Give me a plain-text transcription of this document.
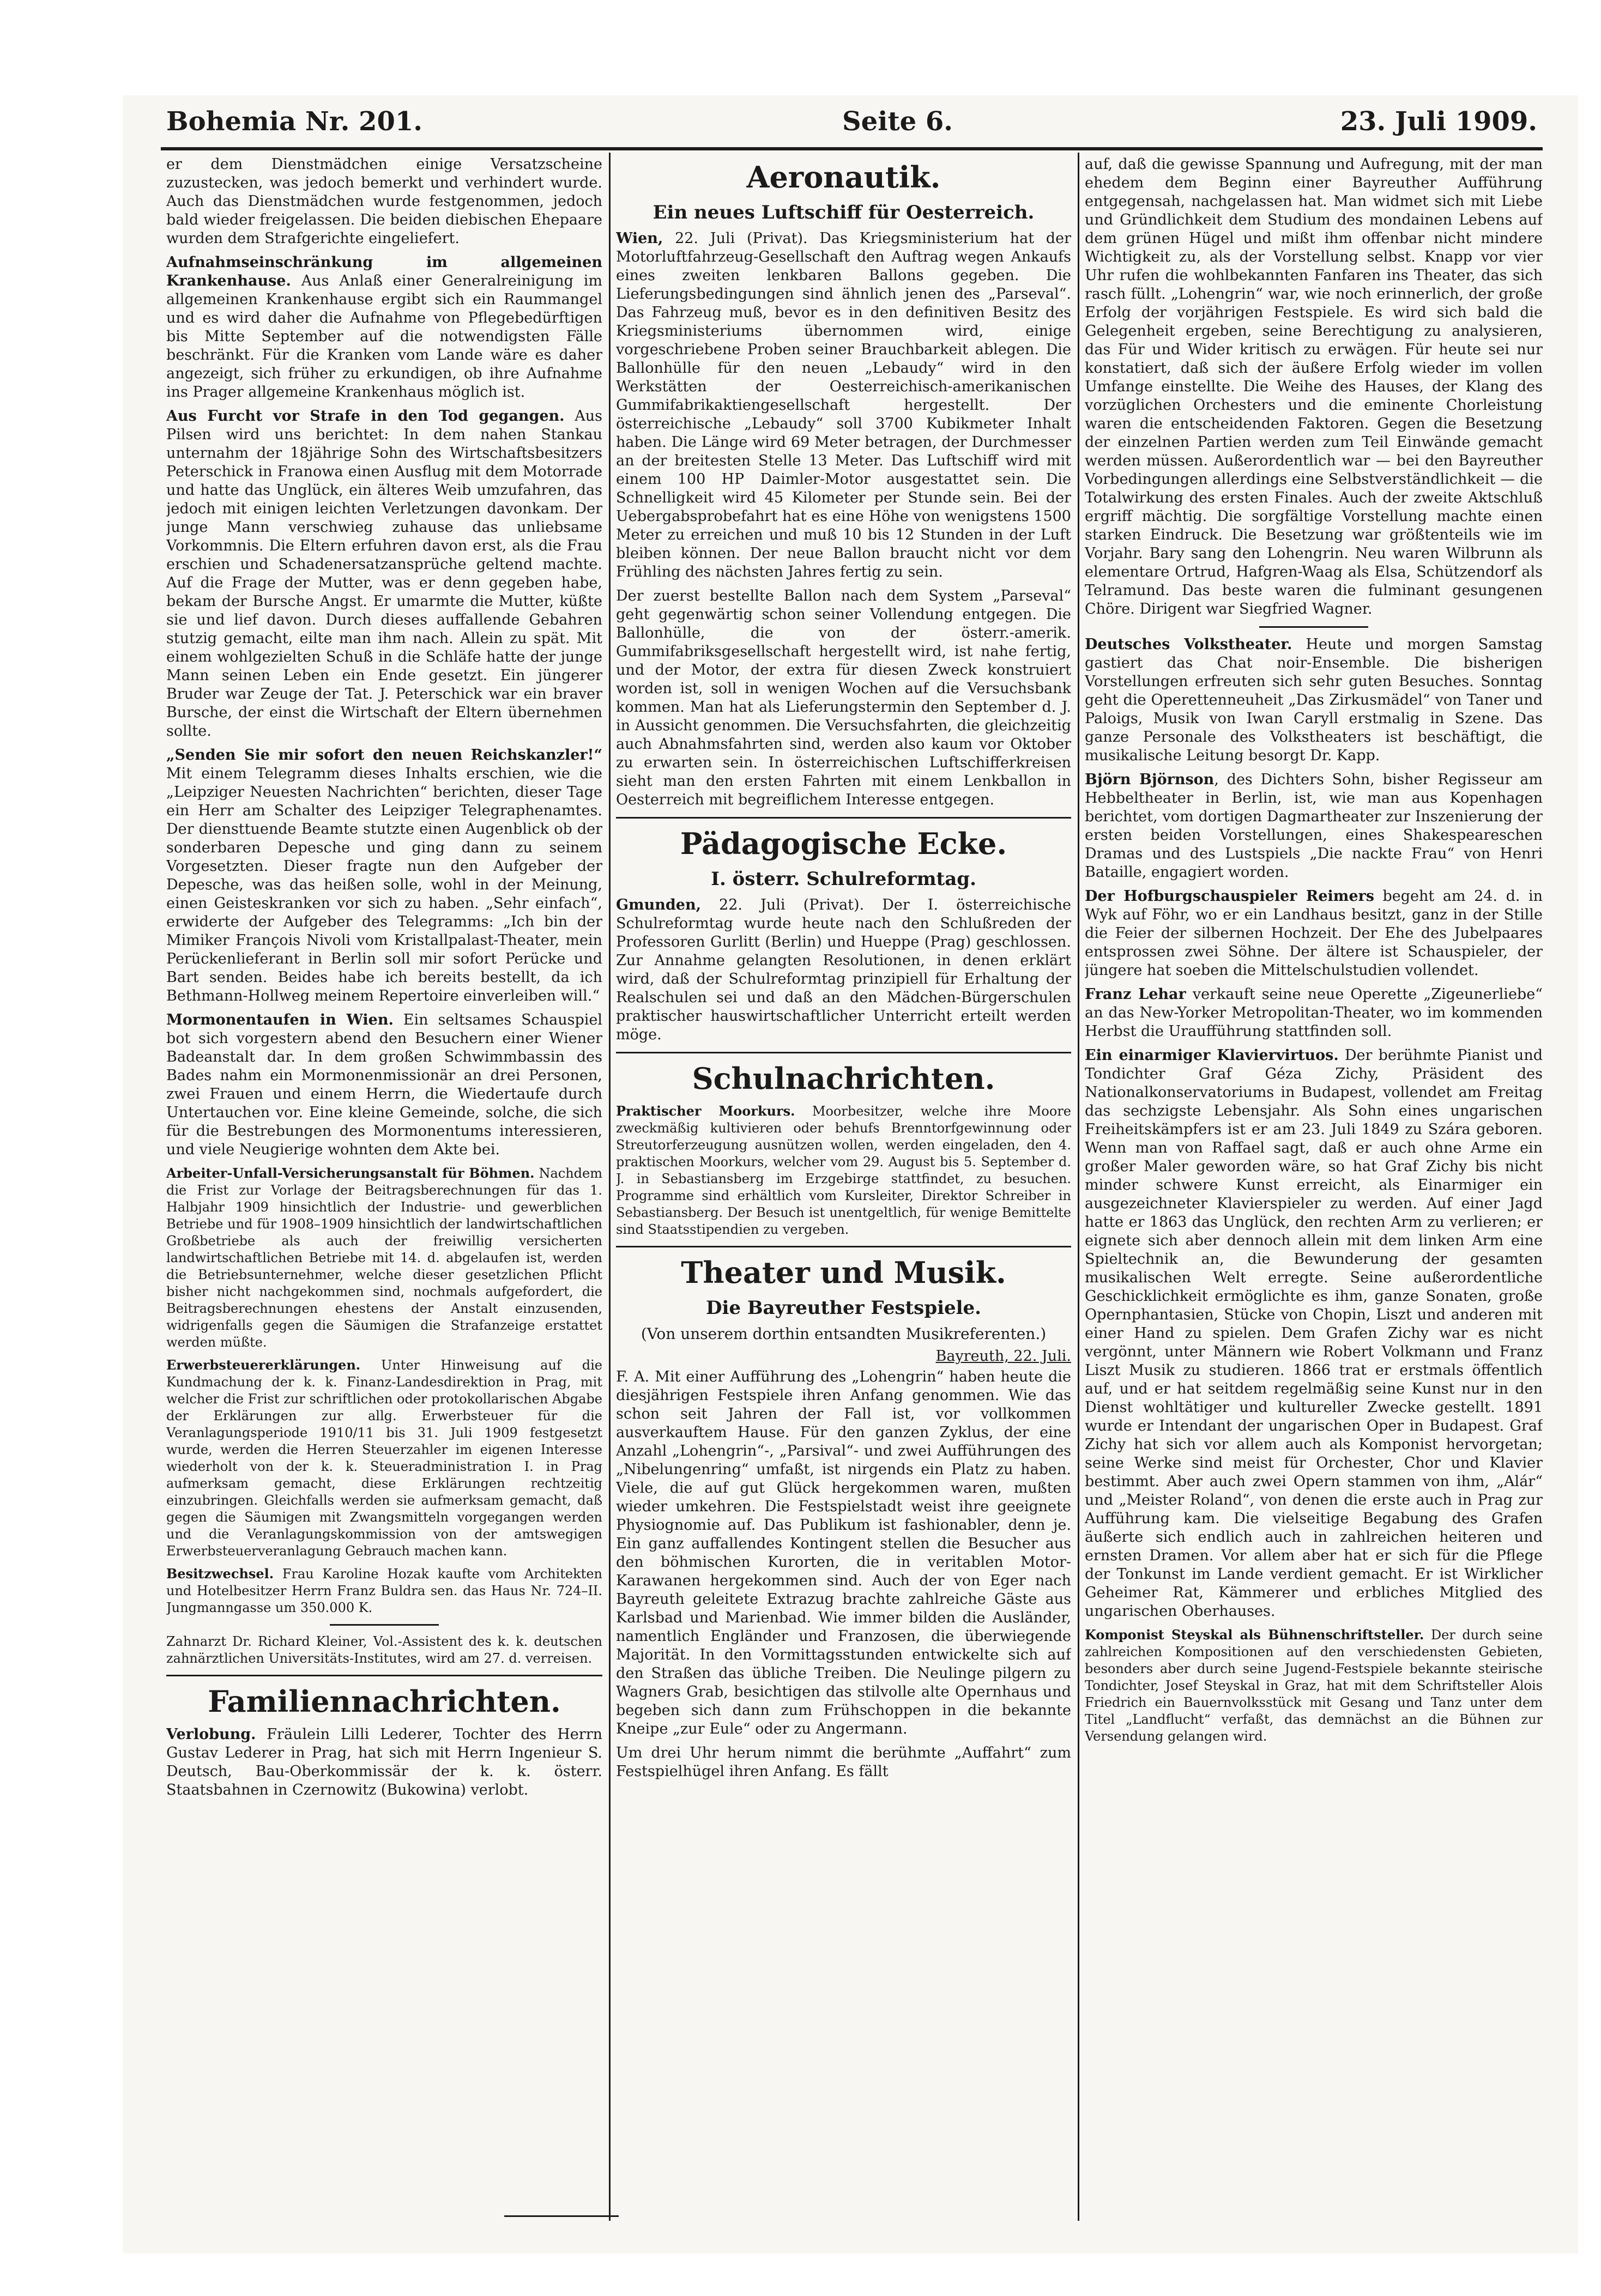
Bohemia Nr. 201.	Seite 6.	23. Juli 1909.

er dem Dienstmädchen einige Versatzscheine zuzustecken, was jedoch bemerkt und verhindert wurde. Auch das Dienstmädchen wurde festgenommen, jedoch bald wieder freigelassen. Die beiden diebischen Ehepaare wurden dem Strafgerichte eingeliefert.

Aufnahmseinschränkung im allgemeinen Krankenhause. Aus Anlaß einer Generalreinigung im allgemeinen Krankenhause ergibt sich ein Raummangel und es wird daher die Aufnahme von Pflegebedürftigen bis Mitte September auf die notwendigsten Fälle beschränkt. Für die Kranken vom Lande wäre es daher angezeigt, sich früher zu erkundigen, ob ihre Aufnahme ins Prager allgemeine Krankenhaus möglich ist.

Aus Furcht vor Strafe in den Tod gegangen. Aus Pilsen wird uns berichtet: In dem nahen Stankau unternahm der 18jährige Sohn des Wirtschaftsbesitzers Peterschick in Franowa einen Ausflug mit dem Motorrade und hatte das Unglück, ein älteres Weib umzufahren, das jedoch mit einigen leichten Verletzungen davonkam. Der junge Mann verschwieg zuhause das unliebsame Vorkommnis. Die Eltern erfuhren davon erst, als die Frau erschien und Schadenersatzansprüche geltend machte. Auf die Frage der Mutter, was er denn gegeben habe, bekam der Bursche Angst. Er umarmte die Mutter, küßte sie und lief davon. Durch dieses auffallende Gebahren stutzig gemacht, eilte man ihm nach. Allein zu spät. Mit einem wohlgezielten Schuß in die Schläfe hatte der junge Mann seinen Leben ein Ende gesetzt. Ein jüngerer Bruder war Zeuge der Tat. J. Peterschick war ein braver Bursche, der einst die Wirtschaft der Eltern übernehmen sollte.

„Senden Sie mir sofort den neuen Reichskanzler!“ Mit einem Telegramm dieses Inhalts erschien, wie die „Leipziger Neuesten Nachrichten“ berichten, dieser Tage ein Herr am Schalter des Leipziger Telegraphenamtes. Der diensttuende Beamte stutzte einen Augenblick ob der sonderbaren Depesche und ging dann zu seinem Vorgesetzten. Dieser fragte nun den Aufgeber der Depesche, was das heißen solle, wohl in der Meinung, einen Geisteskranken vor sich zu haben. „Sehr einfach“, erwiderte der Aufgeber des Telegramms: „Ich bin der Mimiker François Nivoli vom Kristallpalast-Theater, mein Perückenlieferant in Berlin soll mir sofort Perücke und Bart senden. Beides habe ich bereits bestellt, da ich Bethmann-Hollweg meinem Repertoire einverleiben will.“

Mormonentaufen in Wien. Ein seltsames Schauspiel bot sich vorgestern abend den Besuchern einer Wiener Badeanstalt dar. In dem großen Schwimmbassin des Bades nahm ein Mormonenmissionär an drei Personen, zwei Frauen und einem Herrn, die Wiedertaufe durch Untertauchen vor. Eine kleine Gemeinde, solche, die sich für die Bestrebungen des Mormonentums interessieren, und viele Neugierige wohnten dem Akte bei.

Arbeiter-Unfall-Versicherungsanstalt für Böhmen. Nachdem die Frist zur Vorlage der Beitragsberechnungen für das 1. Halbjahr 1909 hinsichtlich der Industrie- und gewerblichen Betriebe und für 1908–1909 hinsichtlich der landwirtschaftlichen Großbetriebe als auch der freiwillig versicherten landwirtschaftlichen Betriebe mit 14. d. abgelaufen ist, werden die Betriebsunternehmer, welche dieser gesetzlichen Pflicht bisher nicht nachgekommen sind, nochmals aufgefordert, die Beitragsberechnungen ehestens der Anstalt einzusenden, widrigenfalls gegen die Säumigen die Strafanzeige erstattet werden müßte.

Erwerbsteuererklärungen. Unter Hinweisung auf die Kundmachung der k. k. Finanz-Landesdirektion in Prag, mit welcher die Frist zur schriftlichen oder protokollarischen Abgabe der Erklärungen zur allg. Erwerbsteuer für die Veranlagungsperiode 1910/11 bis 31. Juli 1909 festgesetzt wurde, werden die Herren Steuerzahler im eigenen Interesse wiederholt von der k. k. Steueradministration I. in Prag aufmerksam gemacht, diese Erklärungen rechtzeitig einzubringen. Gleichfalls werden sie aufmerksam gemacht, daß gegen die Säumigen mit Zwangsmitteln vorgegangen werden und die Veranlagungskommission von der amtswegigen Erwerbsteuerveranlagung Gebrauch machen kann.

Besitzwechsel. Frau Karoline Hozak kaufte vom Architekten und Hotelbesitzer Herrn Franz Buldra sen. das Haus Nr. 724–II. Jungmanngasse um 350.000 K.

Zahnarzt Dr. Richard Kleiner, Vol.-Assistent des k. k. deutschen zahnärztlichen Universitäts-Institutes, wird am 27. d. verreisen.

Familiennachrichten.

Verlobung. Fräulein Lilli Lederer, Tochter des Herrn Gustav Lederer in Prag, hat sich mit Herrn Ingenieur S. Deutsch, Bau-Oberkommissär der k. k. österr. Staatsbahnen in Czernowitz (Bukowina) verlobt.

Aeronautik.
Ein neues Luftschiff für Oesterreich.

Wien, 22. Juli (Privat). Das Kriegsministerium hat der Motorluftfahrzeug-Gesellschaft den Auftrag wegen Ankaufs eines zweiten lenkbaren Ballons gegeben. Die Lieferungsbedingungen sind ähnlich jenen des „Parseval“. Das Fahrzeug muß, bevor es in den definitiven Besitz des Kriegsministeriums übernommen wird, einige vorgeschriebene Proben seiner Brauchbarkeit ablegen. Die Ballonhülle für den neuen „Lebaudy“ wird in den Werkstätten der Oesterreichisch-amerikanischen Gummifabrikaktiengesellschaft hergestellt. Der österreichische „Lebaudy“ soll 3700 Kubikmeter Inhalt haben. Die Länge wird 69 Meter betragen, der Durchmesser an der breitesten Stelle 13 Meter. Das Luftschiff wird mit einem 100 HP Daimler-Motor ausgestattet sein. Die Schnelligkeit wird 45 Kilometer per Stunde sein. Bei der Uebergabsprobefahrt hat es eine Höhe von wenigstens 1500 Meter zu erreichen und muß 10 bis 12 Stunden in der Luft bleiben können. Der neue Ballon braucht nicht vor dem Frühling des nächsten Jahres fertig zu sein.

Der zuerst bestellte Ballon nach dem System „Parseval“ geht gegenwärtig schon seiner Vollendung entgegen. Die Ballonhülle, die von der österr.-amerik. Gummifabriksgesellschaft hergestellt wird, ist nahe fertig, und der Motor, der extra für diesen Zweck konstruiert worden ist, soll in wenigen Wochen auf die Versuchsbank kommen. Man hat als Lieferungstermin den September d. J. in Aussicht genommen. Die Versuchsfahrten, die gleichzeitig auch Abnahmsfahrten sind, werden also kaum vor Oktober zu erwarten sein. In österreichischen Luftschifferkreisen sieht man den ersten Fahrten mit einem Lenkballon in Oesterreich mit begreiflichem Interesse entgegen.

Pädagogische Ecke.
I. österr. Schulreformtag.

Gmunden, 22. Juli (Privat). Der I. österreichische Schulreformtag wurde heute nach den Schlußreden der Professoren Gurlitt (Berlin) und Hueppe (Prag) geschlossen. Zur Annahme gelangten Resolutionen, in denen erklärt wird, daß der Schulreformtag prinzipiell für Erhaltung der Realschulen sei und daß an den Mädchen-Bürgerschulen praktischer hauswirtschaftlicher Unterricht erteilt werden möge.

Schulnachrichten.

Praktischer Moorkurs. Moorbesitzer, welche ihre Moore zweckmäßig kultivieren oder behufs Brenntorfgewinnung oder Streutorferzeugung ausnützen wollen, werden eingeladen, den 4. praktischen Moorkurs, welcher vom 29. August bis 5. September d. J. in Sebastiansberg im Erzgebirge stattfindet, zu besuchen. Programme sind erhältlich vom Kursleiter, Direktor Schreiber in Sebastiansberg. Der Besuch ist unentgeltlich, für wenige Bemittelte sind Staatsstipendien zu vergeben.

Theater und Musik.
Die Bayreuther Festspiele.
(Von unserem dorthin entsandten Musikreferenten.)
Bayreuth, 22. Juli.

F. A. Mit einer Aufführung des „Lohengrin“ haben heute die diesjährigen Festspiele ihren Anfang genommen. Wie das schon seit Jahren der Fall ist, vor vollkommen ausverkauftem Hause. Für den ganzen Zyklus, der eine Anzahl „Lohengrin“-, „Parsival“- und zwei Aufführungen des „Nibelungenring“ umfaßt, ist nirgends ein Platz zu haben. Viele, die auf gut Glück hergekommen waren, mußten wieder umkehren. Die Festspielstadt weist ihre geeignete Physiognomie auf. Das Publikum ist fashionabler, denn je. Ein ganz auffallendes Kontingent stellen die Besucher aus den böhmischen Kurorten, die in veritablen Motor-Karawanen hergekommen sind. Auch der von Eger nach Bayreuth geleitete Extrazug brachte zahlreiche Gäste aus Karlsbad und Marienbad. Wie immer bilden die Ausländer, namentlich Engländer und Franzosen, die überwiegende Majorität. In den Vormittagsstunden entwickelte sich auf den Straßen das übliche Treiben. Die Neulinge pilgern zu Wagners Grab, besichtigen das stilvolle alte Opernhaus und begeben sich dann zum Frühschoppen in die bekannte Kneipe „zur Eule“ oder zu Angermann.

Um drei Uhr herum nimmt die berühmte „Auffahrt“ zum Festspielhügel ihren Anfang. Es fällt

auf, daß die gewisse Spannung und Aufregung, mit der man ehedem dem Beginn einer Bayreuther Aufführung entgegensah, nachgelassen hat. Man widmet sich mit Liebe und Gründlichkeit dem Studium des mondainen Lebens auf dem grünen Hügel und mißt ihm offenbar nicht mindere Wichtigkeit zu, als der Vorstellung selbst. Knapp vor vier Uhr rufen die wohlbekannten Fanfaren ins Theater, das sich rasch füllt. „Lohengrin“ war, wie noch erinnerlich, der große Erfolg der vorjährigen Festspiele. Es wird sich bald die Gelegenheit ergeben, seine Berechtigung zu analysieren, das Für und Wider kritisch zu erwägen. Für heute sei nur konstatiert, daß sich der äußere Erfolg wieder im vollen Umfange einstellte. Die Weihe des Hauses, der Klang des vorzüglichen Orchesters und die eminente Chorleistung waren die entscheidenden Faktoren. Gegen die Besetzung der einzelnen Partien werden zum Teil Einwände gemacht werden müssen. Außerordentlich war — bei den Bayreuther Vorbedingungen allerdings eine Selbstverständlichkeit — die Totalwirkung des ersten Finales. Auch der zweite Aktschluß ergriff mächtig. Die sorgfältige Vorstellung machte einen starken Eindruck. Die Besetzung war größtenteils wie im Vorjahr. Bary sang den Lohengrin. Neu waren Wilbrunn als elementare Ortrud, Hafgren-Waag als Elsa, Schützendorf als Telramund. Das beste waren die fulminant gesungenen Chöre. Dirigent war Siegfried Wagner.

Deutsches Volkstheater. Heute und morgen Samstag gastiert das Chat noir-Ensemble. Die bisherigen Vorstellungen erfreuten sich sehr guten Besuches. Sonntag geht die Operettenneuheit „Das Zirkusmädel“ von Taner und Paloigs, Musik von Iwan Caryll erstmalig in Szene. Das ganze Personale des Volkstheaters ist beschäftigt, die musikalische Leitung besorgt Dr. Kapp.

Björn Björnson, des Dichters Sohn, bisher Regisseur am Hebbeltheater in Berlin, ist, wie man aus Kopenhagen berichtet, vom dortigen Dagmartheater zur Inszenierung der ersten beiden Vorstellungen, eines Shakespeareschen Dramas und des Lustspiels „Die nackte Frau“ von Henri Bataille, engagiert worden.

Der Hofburgschauspieler Reimers begeht am 24. d. in Wyk auf Föhr, wo er ein Landhaus besitzt, ganz in der Stille die Feier der silbernen Hochzeit. Der Ehe des Jubelpaares entsprossen zwei Söhne. Der ältere ist Schauspieler, der jüngere hat soeben die Mittelschulstudien vollendet.

Franz Lehar verkauft seine neue Operette „Zigeunerliebe“ an das New-Yorker Metropolitan-Theater, wo im kommenden Herbst die Uraufführung stattfinden soll.

Ein einarmiger Klaviervirtuos. Der berühmte Pianist und Tondichter Graf Géza Zichy, Präsident des Nationalkonservatoriums in Budapest, vollendet am Freitag das sechzigste Lebensjahr. Als Sohn eines ungarischen Freiheitskämpfers ist er am 23. Juli 1849 zu Szára geboren. Wenn man von Raffael sagt, daß er auch ohne Arme ein großer Maler geworden wäre, so hat Graf Zichy bis nicht minder schwere Kunst erreicht, als Einarmiger ein ausgezeichneter Klavierspieler zu werden. Auf einer Jagd hatte er 1863 das Unglück, den rechten Arm zu verlieren; er eignete sich aber dennoch allein mit dem linken Arm eine Spieltechnik an, die Bewunderung der gesamten musikalischen Welt erregte. Seine außerordentliche Geschicklichkeit ermöglichte es ihm, ganze Sonaten, große Opernphantasien, Stücke von Chopin, Liszt und anderen mit einer Hand zu spielen. Dem Grafen Zichy war es nicht vergönnt, unter Männern wie Robert Volkmann und Franz Liszt Musik zu studieren. 1866 trat er erstmals öffentlich auf, und er hat seitdem regelmäßig seine Kunst nur in den Dienst wohltätiger und kultureller Zwecke gestellt. 1891 wurde er Intendant der ungarischen Oper in Budapest. Graf Zichy hat sich vor allem auch als Komponist hervorgetan; seine Werke sind meist für Orchester, Chor und Klavier bestimmt. Aber auch zwei Opern stammen von ihm, „Alár“ und „Meister Roland“, von denen die erste auch in Prag zur Aufführung kam. Die vielseitige Begabung des Grafen äußerte sich endlich auch in zahlreichen heiteren und ernsten Dramen. Vor allem aber hat er sich für die Pflege der Tonkunst im Lande verdient gemacht. Er ist Wirklicher Geheimer Rat, Kämmerer und erbliches Mitglied des ungarischen Oberhauses.

Komponist Steyskal als Bühnenschriftsteller. Der durch seine zahlreichen Kompositionen auf den verschiedensten Gebieten, besonders aber durch seine Jugend-Festspiele bekannte steirische Tondichter, Josef Steyskal in Graz, hat mit dem Schriftsteller Alois Friedrich ein Bauernvolksstück mit Gesang und Tanz unter dem Titel „Landflucht“ verfaßt, das demnächst an die Bühnen zur Versendung gelangen wird.
